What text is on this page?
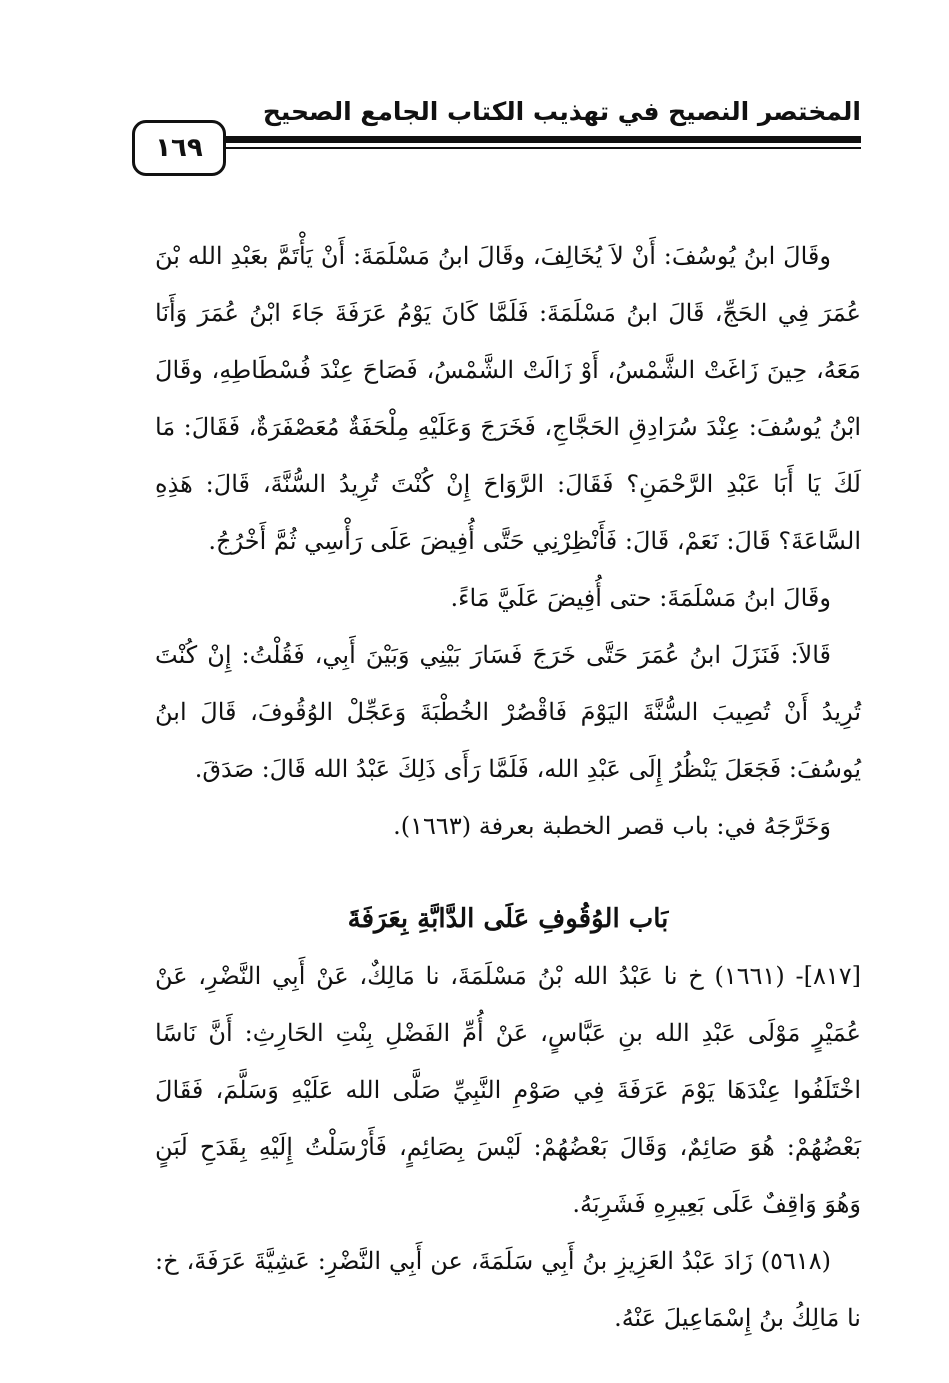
المختصر النصيح في تهذيب الكتاب الجامع الصحيح
١٦٩

وقَالَ ابنُ يُوسُفَ: أَنْ لاَ يُخَالِفَ، وقَالَ ابنُ مَسْلَمَةَ: أَنْ يَأْتَمَّ بعَبْدِ الله بْنَ عُمَرَ فِي الحَجِّ، قَالَ ابنُ مَسْلَمَةَ: فَلَمَّا كَانَ يَوْمُ عَرَفَةَ جَاءَ ابْنُ عُمَرَ وَأَنَا مَعَهُ، حِينَ زَاغَتْ الشَّمْسُ، أَوْ زَالَتْ الشَّمْسُ، فَصَاحَ عِنْدَ فُسْطَاطِهِ، وقَالَ ابْنُ يُوسُفَ: عِنْدَ سُرَادِقِ الحَجَّاجِ، فَخَرَجَ وَعَلَيْهِ مِلْحَفَةٌ مُعَصْفَرَةٌ، فَقَالَ: مَا لَكَ يَا أَبَا عَبْدِ الرَّحْمَنِ؟ فَقَالَ: الرَّوَاحَ إِنْ كُنْتَ تُرِيدُ السُّنَّةَ، قَالَ: هَذِهِ السَّاعَةَ؟ قَالَ: نَعَمْ، قَالَ: فَأَنْظِرْنِي حَتَّى أُفِيضَ عَلَى رَأْسِي ثُمَّ أَخْرُجُ.

وقَالَ ابنُ مَسْلَمَةَ: حتى أُفِيضَ عَلَيَّ مَاءً.

قَالاَ: فَنَزَلَ ابنُ عُمَرَ حَتَّى خَرَجَ فَسَارَ بَيْنِي وَبَيْنَ أَبِي، فَقُلْتُ: إِنْ كُنْتَ تُرِيدُ أَنْ تُصِيبَ السُّنَّةَ اليَوْمَ فَاقْصُرْ الخُطْبَةَ وَعَجِّلْ الوُقُوفَ، قَالَ ابنُ يُوسُفَ: فَجَعَلَ يَنْظُرُ إِلَى عَبْدِ الله، فَلَمَّا رَأَى ذَلِكَ عَبْدُ الله قَالَ: صَدَقَ.

وَخَرَّجَهُ في: باب قصر الخطبة بعرفة (١٦٦٣).

بَاب الوُقُوفِ عَلَى الدَّابَّةِ بِعَرَفَةَ

[٨١٧]- (١٦٦١) خ نا عَبْدُ الله بْنُ مَسْلَمَةَ، نا مَالِكٌ، عَنْ أَبِي النَّضْرِ، عَنْ عُمَيْرٍ مَوْلَى عَبْدِ الله بنِ عَبَّاسٍ، عَنْ أُمِّ الفَضْلِ بِنْتِ الحَارِثِ: أَنَّ نَاسًا اخْتَلَفُوا عِنْدَهَا يَوْمَ عَرَفَةَ فِي صَوْمِ النَّبِيِّ صَلَّى الله عَلَيْهِ وَسَلَّمَ، فَقَالَ بَعْضُهُمْ: هُوَ صَائِمٌ، وَقَالَ بَعْضُهُمْ: لَيْسَ بِصَائِمٍ، فَأَرْسَلْتُ إِلَيْهِ بِقَدَحِ لَبَنٍ وَهُوَ وَاقِفٌ عَلَى بَعِيرِهِ فَشَرِبَهُ.

(٥٦١٨) زَادَ عَبْدُ العَزِيزِ بنُ أَبِي سَلَمَةَ، عن أَبِي النَّضْرِ: عَشِيَّةَ عَرَفَةَ، خ: نا مَالِكُ بنُ إِسْمَاعِيلَ عَنْهُ.
